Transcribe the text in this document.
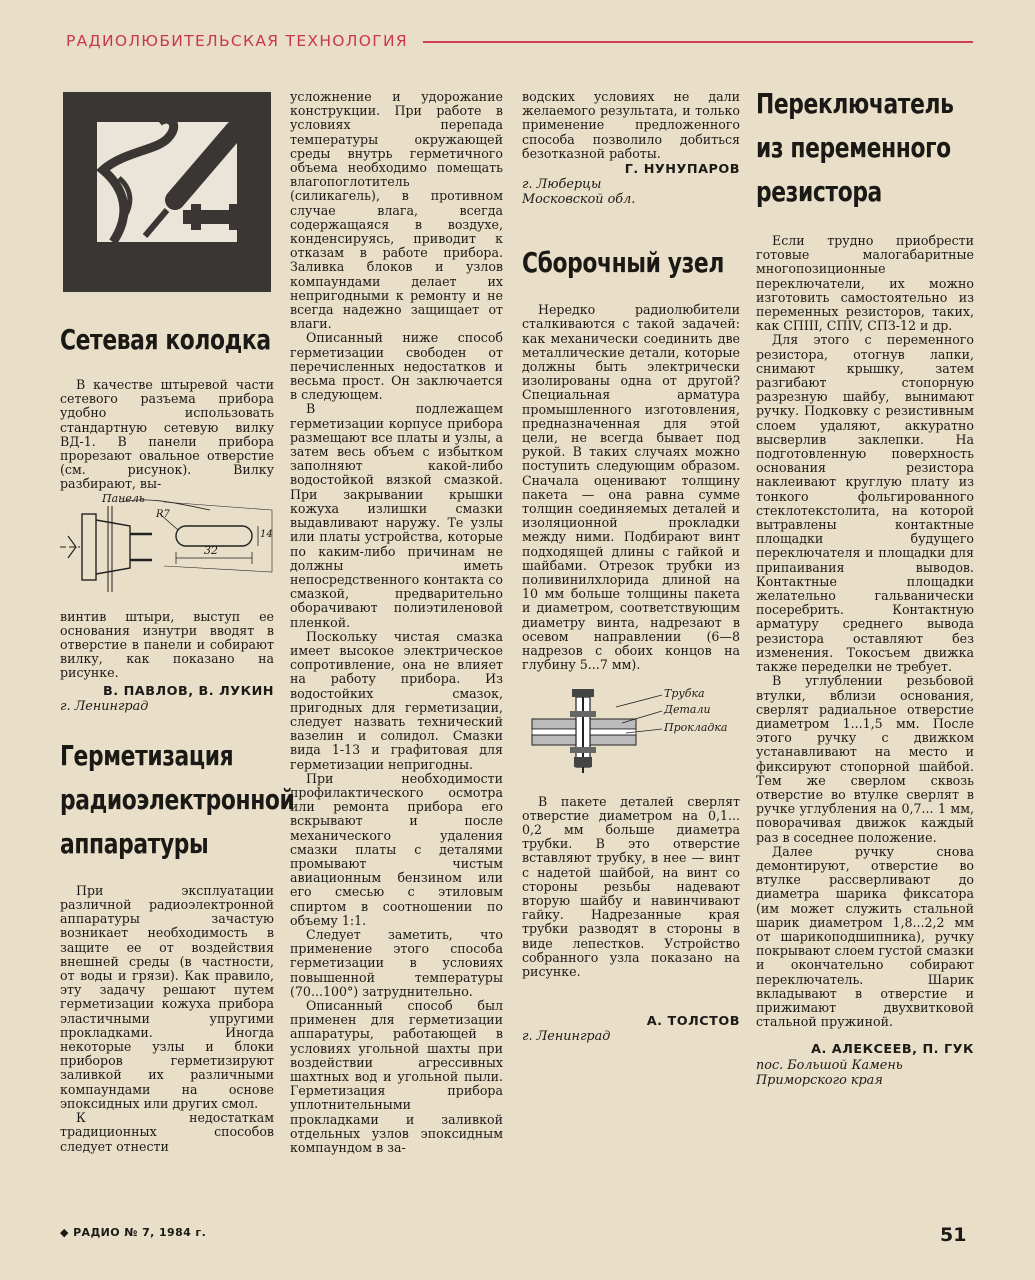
РАДИОЛЮБИТЕЛЬСКАЯ ТЕХНОЛОГИЯ
Сетевая колодка

В качестве штыревой части сетевого разъема прибора удобно использовать стандартную сетевую вилку ВД-1. В панели прибора прорезают овальное отверстие (см. рисунок). Вилку разбирают, вы-

Панель
R7
32
14

винтив штыри, выступ ее основания изнутри вводят в отверстие в панели и собирают вилку, как показано на рисунке.

В. ПАВЛОВ, В. ЛУКИН
г. Ленинград
Герметизация
радиоэлектронной
аппаратуры

При эксплуатации различной радиоэлектронной аппаратуры зачастую возникает необходимость в защите ее от воздействия внешней среды (в частности, от воды и грязи). Как правило, эту задачу решают путем герметизации кожуха прибора эластичными упругими прокладками. Иногда некоторые узлы и блоки приборов герметизируют заливкой их различными компаундами на основе эпоксидных или других смол.

К недостаткам традиционных способов следует отнести

усложнение и удорожание конструкции. При работе в условиях перепада температуры окружающей среды внутрь герметичного объема необходимо помещать влагопоглотитель (силикагель), в противном случае влага, всегда содержащаяся в воздухе, конденсируясь, приводит к отказам в работе прибора. Заливка блоков и узлов компаундами делает их непригодными к ремонту и не всегда надежно защищает от влаги.

Описанный ниже способ герметизации свободен от перечисленных недостатков и весьма прост. Он заключается в следующем.

В подлежащем герметизации корпусе прибора размещают все платы и узлы, а затем весь объем с избытком заполняют какой-либо водостойкой вязкой смазкой. При закрывании крышки кожуха излишки смазки выдавливают наружу. Те узлы или платы устройства, которые по каким-либо причинам не должны иметь непосредственного контакта со смазкой, предварительно оборачивают полиэтиленовой пленкой.

Поскольку чистая смазка имеет высокое электрическое сопротивление, она не влияет на работу прибора. Из водостойких смазок, пригодных для герметизации, следует назвать технический вазелин и солидол. Смазки вида 1-13 и графитовая для герметизации непригодны.

При необходимости профилактического осмотра или ремонта прибора его вскрывают и после механического удаления смазки платы с деталями промывают чистым авиационным бензином или его смесью с этиловым спиртом в соотношении по объему 1:1.

Следует заметить, что применение этого способа герметизации в условиях повышенной температуры (70...100°) затруднительно.

Описанный способ был применен для герметизации аппаратуры, работающей в условиях угольной шахты при воздействии агрессивных шахтных вод и угольной пыли. Герметизация прибора уплотнительными прокладками и заливкой отдельных узлов эпоксидным компаундом в за-

водских условиях не дали желаемого результата, и только применение предложенного способа позволило добиться безотказной работы.

Г. НУНУПАРОВ
г. Люберцы
Московской обл.
Сборочный узел

Нередко радиолюбители сталкиваются с такой задачей: как механически соединить две металлические детали, которые должны быть электрически изолированы одна от другой? Специальная арматура промышленного изготовления, предназначенная для этой цели, не всегда бывает под рукой. В таких случаях можно поступить следующим образом. Сначала оценивают толщину пакета — она равна сумме толщин соединяемых деталей и изоляционной прокладки между ними. Подбирают винт подходящей длины с гайкой и шайбами. Отрезок трубки из поливинилхлорида длиной на 10 мм больше толщины пакета и диаметром, соответствующим диаметру винта, надрезают в осевом направлении (6—8 надрезов с обоих концов на глубину 5...7 мм).

Трубка
Детали
Прокладка

В пакете деталей сверлят отверстие диаметром на 0,1... 0,2 мм больше диаметра трубки. В это отверстие вставляют трубку, в нее — винт с надетой шайбой, на винт со стороны резьбы надевают вторую шайбу и навинчивают гайку. Надрезанные края трубки разводят в стороны в виде лепестков. Устройство собранного узла показано на рисунке.

А. ТОЛСТОВ
г. Ленинград
Переключатель
из переменного
резистора

Если трудно приобрести готовые малогабаритные многопозиционные переключатели, их можно изготовить самостоятельно из переменных резисторов, таких, как СПIII, СПIV, СПЗ-12 и др.

Для этого с переменного резистора, отогнув лапки, снимают крышку, затем разгибают стопорную разрезную шайбу, вынимают ручку. Подковку с резистивным слоем удаляют, аккуратно высверлив заклепки. На подготовленную поверхность основания резистора наклеивают круглую плату из тонкого фольгированного стеклотекстолита, на которой вытравлены контактные площадки будущего переключателя и площадки для припаивания выводов. Контактные площадки желательно гальванически посеребрить. Контактную арматуру среднего вывода резистора оставляют без изменения. Токосъем движка также переделки не требует.

В углублении резьбовой втулки, вблизи основания, сверлят радиальное отверстие диаметром 1...1,5 мм. После этого ручку с движком устанавливают на место и фиксируют стопорной шайбой. Тем же сверлом сквозь отверстие во втулке сверлят в ручке углубления на 0,7... 1 мм, поворачивая движок каждый раз в соседнее положение.

Далее ручку снова демонтируют, отверстие во втулке рассверливают до диаметра шарика фиксатора (им может служить стальной шарик диаметром 1,8...2,2 мм от шарикоподшипника), ручку покрывают слоем густой смазки и окончательно собирают переключатель. Шарик вкладывают в отверстие и прижимают двухвитковой стальной пружиной.

А. АЛЕКСЕЕВ, П. ГУК
пос. Большой Камень
Приморского края
◆ РАДИО № 7, 1984 г.	51
